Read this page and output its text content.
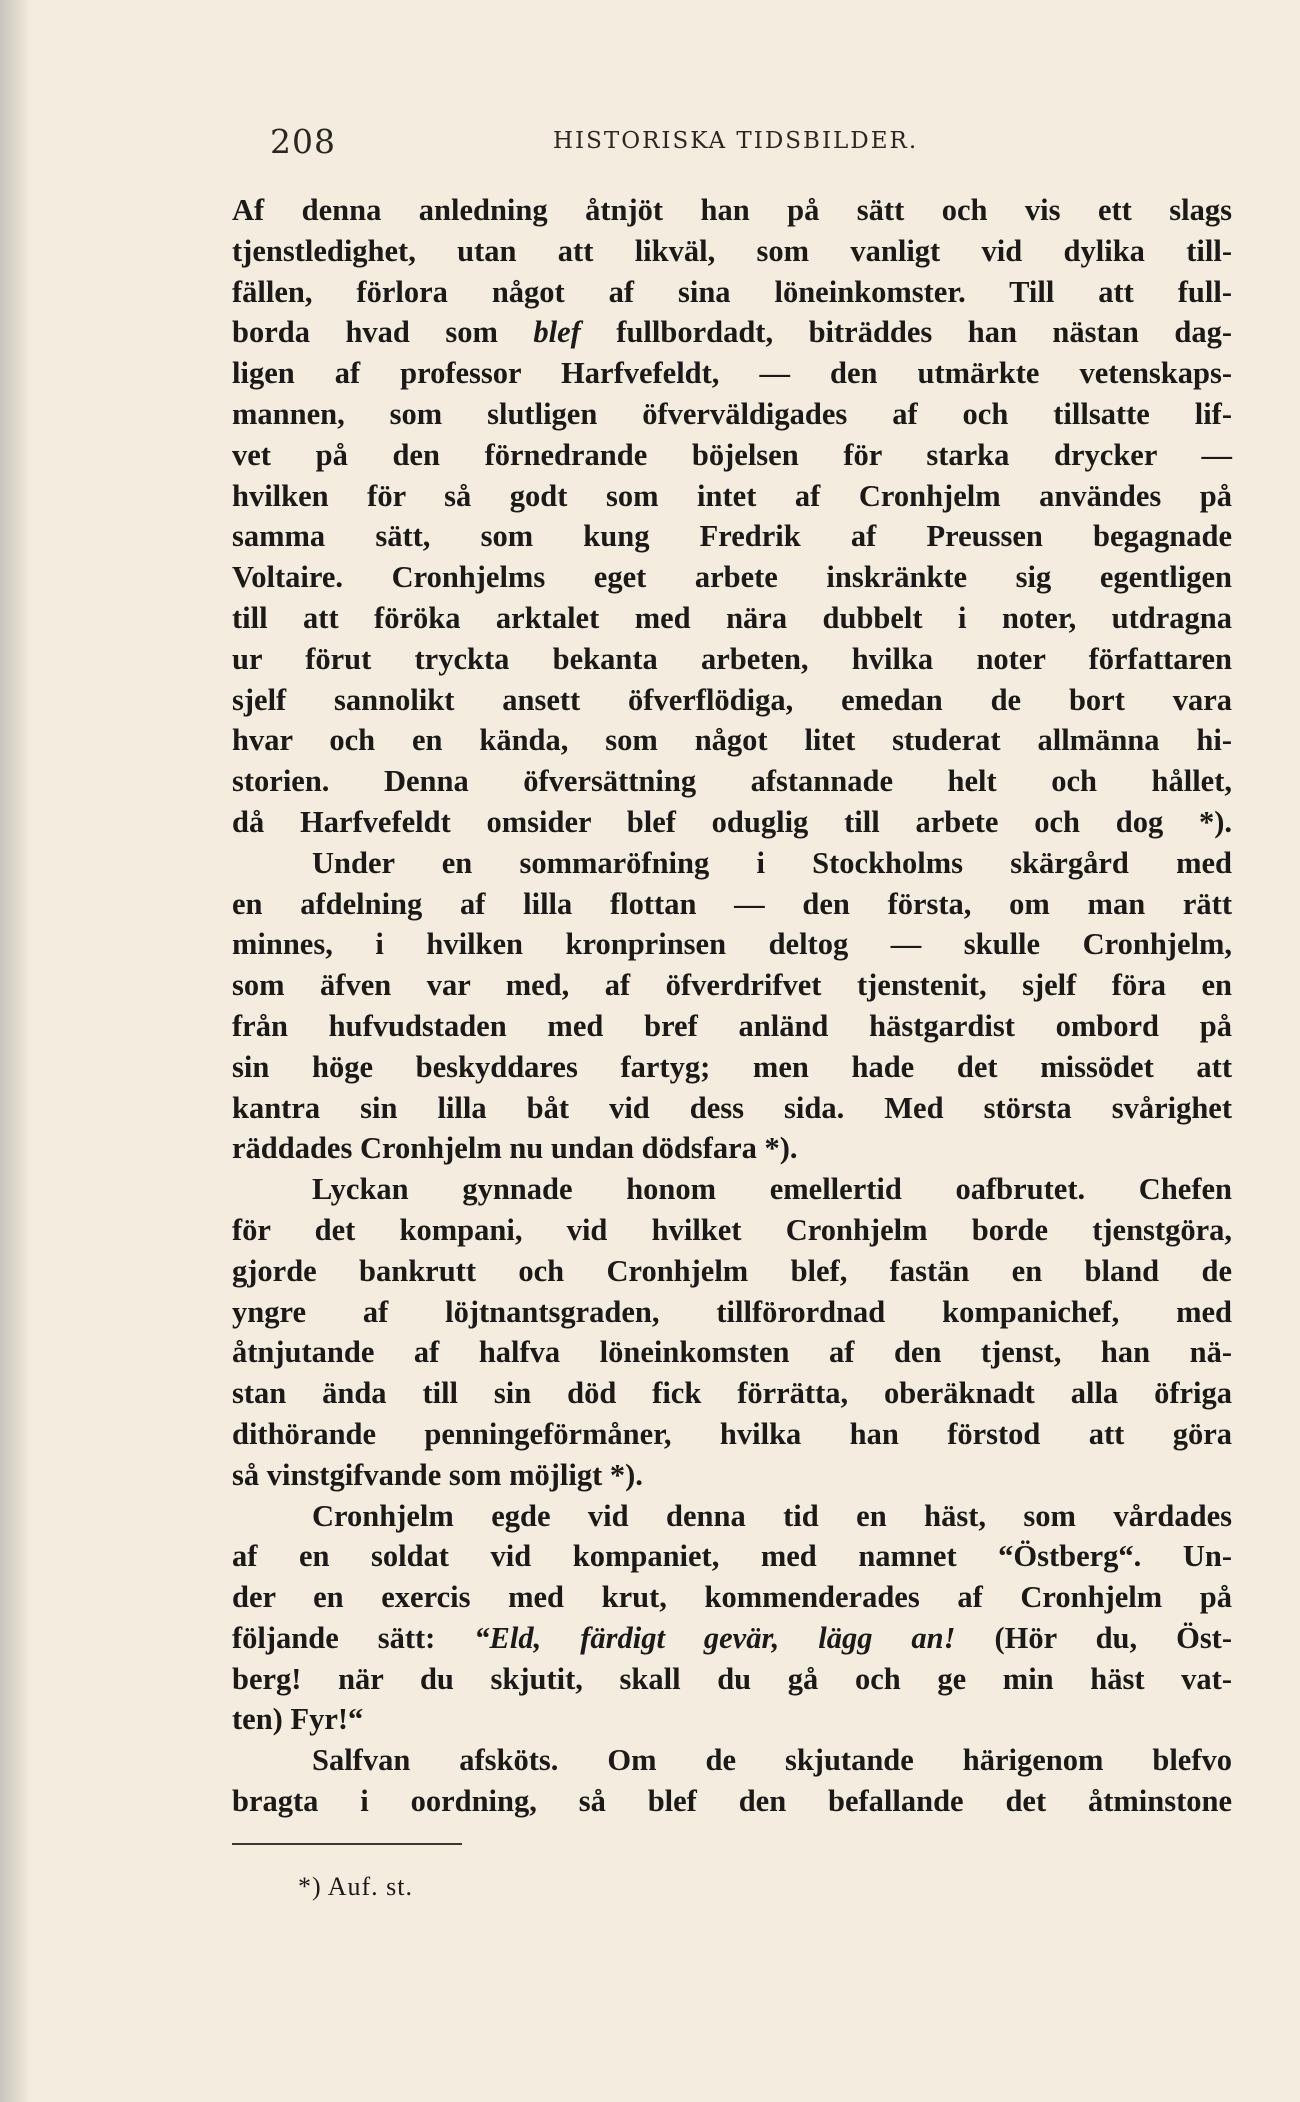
208	HISTORISKA TIDSBILDER.
Af denna anledning åtnjöt han på sätt och vis ett slags
tjenstledighet, utan att likväl, som vanligt vid dylika till-
fällen, förlora något af sina löneinkomster. Till att full-
borda hvad som blef fullbordadt, biträddes han nästan dag-
ligen af professor Harfvefeldt, — den utmärkte vetenskaps-
mannen, som slutligen öfverväldigades af och tillsatte lif-
vet på den förnedrande böjelsen för starka drycker —
hvilken för så godt som intet af Cronhjelm användes på
samma sätt, som kung Fredrik af Preussen begagnade
Voltaire. Cronhjelms eget arbete inskränkte sig egentligen
till att föröka arktalet med nära dubbelt i noter, utdragna
ur förut tryckta bekanta arbeten, hvilka noter författaren
sjelf sannolikt ansett öfverflödiga, emedan de bort vara
hvar och en kända, som något litet studerat allmänna hi-
storien. Denna öfversättning afstannade helt och hållet,
då Harfvefeldt omsider blef oduglig till arbete och dog *).
Under en sommaröfning i Stockholms skärgård med
en afdelning af lilla flottan — den första, om man rätt
minnes, i hvilken kronprinsen deltog — skulle Cronhjelm,
som äfven var med, af öfverdrifvet tjenstenit, sjelf föra en
från hufvudstaden med bref anländ hästgardist ombord på
sin höge beskyddares fartyg; men hade det missödet att
kantra sin lilla båt vid dess sida. Med största svårighet
räddades Cronhjelm nu undan dödsfara *).
Lyckan gynnade honom emellertid oafbrutet. Chefen
för det kompani, vid hvilket Cronhjelm borde tjenstgöra,
gjorde bankrutt och Cronhjelm blef, fastän en bland de
yngre af löjtnantsgraden, tillförordnad kompanichef, med
åtnjutande af halfva löneinkomsten af den tjenst, han nä-
stan ända till sin död fick förrätta, oberäknadt alla öfriga
dithörande penningeförmåner, hvilka han förstod att göra
så vinstgifvande som möjligt *).
Cronhjelm egde vid denna tid en häst, som vårdades
af en soldat vid kompaniet, med namnet “Östberg“. Un-
der en exercis med krut, kommenderades af Cronhjelm på
följande sätt: “Eld, färdigt gevär, lägg an! (Hör du, Öst-
berg! när du skjutit, skall du gå och ge min häst vat-
ten) Fyr!“
Salfvan afsköts. Om de skjutande härigenom blefvo
bragta i oordning, så blef den befallande det åtminstone
*) Auf. st.
